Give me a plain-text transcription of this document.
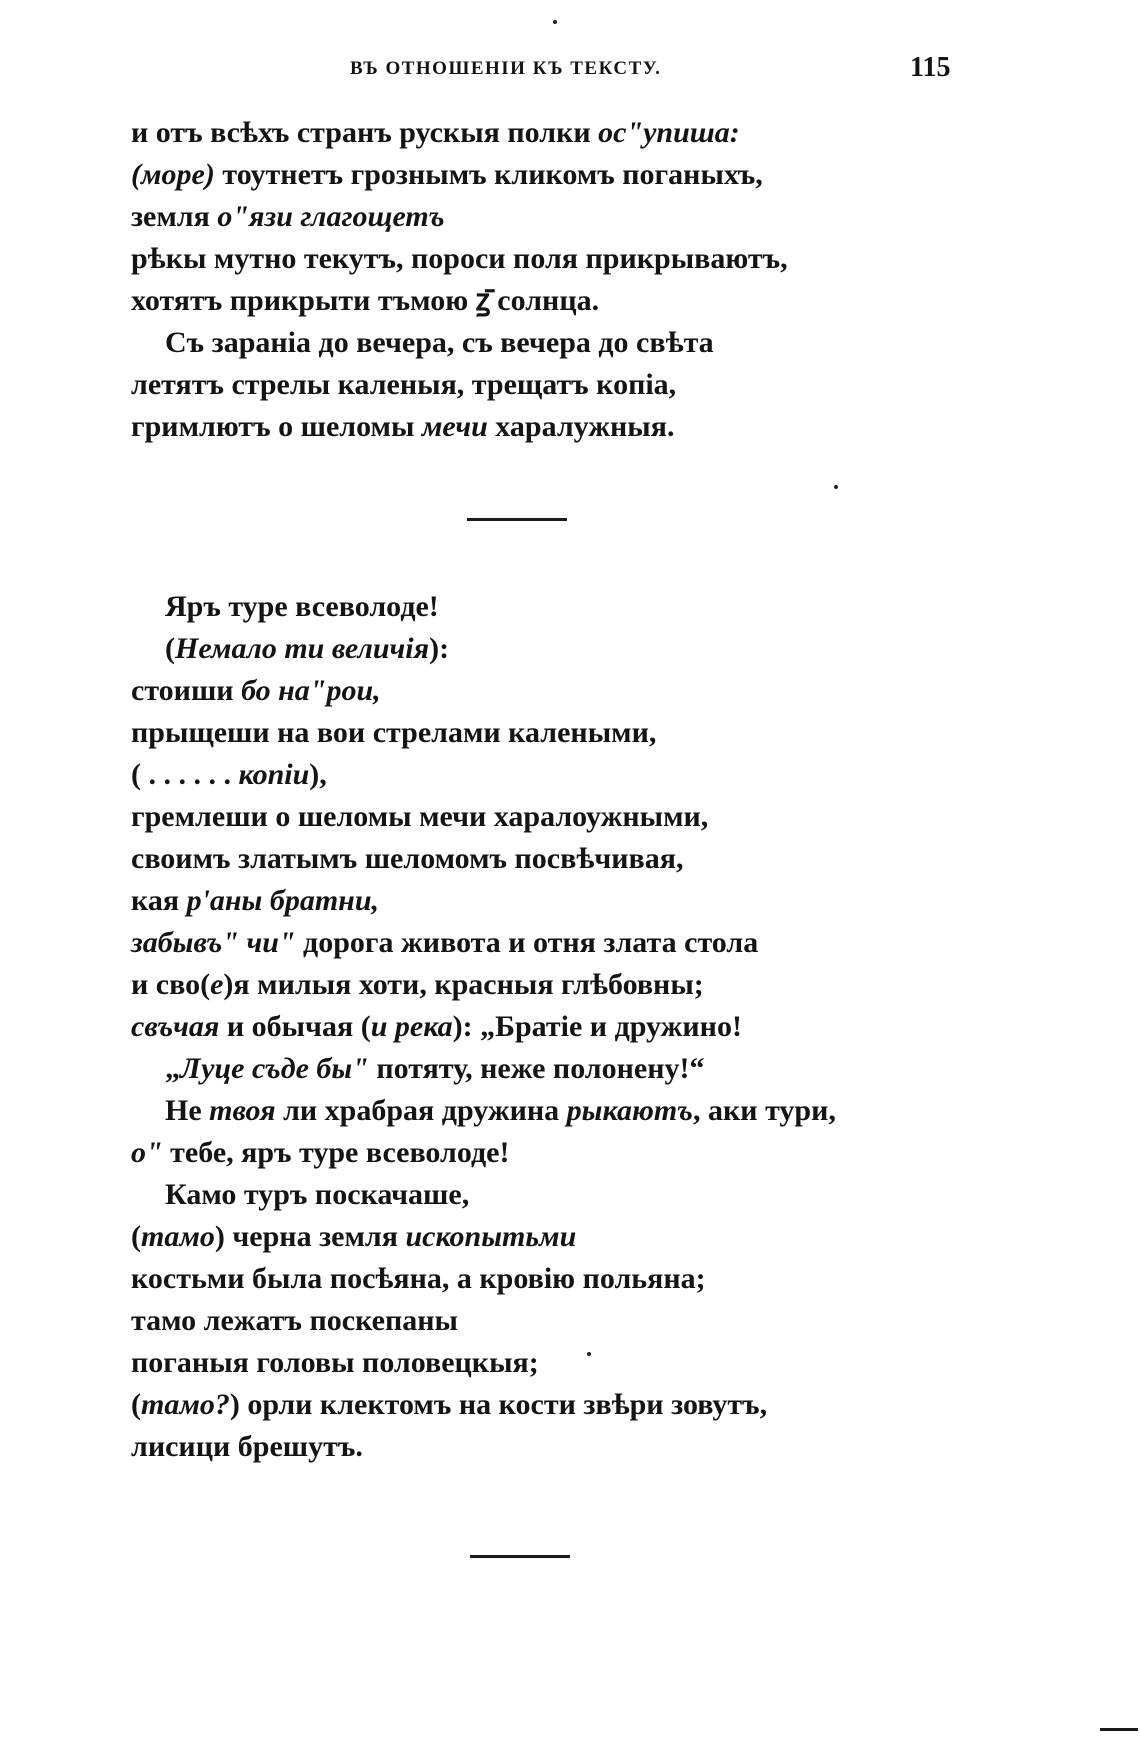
ВЪ ОТНОШЕНІИ КЪ ТЕКСТУ.	115
и отъ всѣхъ странъ рускыя полки ос"упиша:
(море) тоутнетъ грознымъ кликомъ поганыхъ,
земля о"язи глагощетъ
рѣкы мутно текутъ, пороси поля прикрываютъ,
хотятъ прикрыти тъмою ꙁ̄ солнца.
Съ зараніа до вечера, съ вечера до свѣта
летятъ стрелы каленыя, трещатъ копіа,
гримлютъ о шеломы мечи харалужныя.
Яръ туре всеволоде!
(Немало ти величія):
стоиши бо на"рои,
прыщеши на вои стрелами калеными,
( . . . . . . копіи),
гремлеши о шеломы мечи харалоужными,
своимъ златымъ шеломомъ посвѣчивая,
кая р'аны братни,
забывъ" чи" дорога живота и отня злата стола
и сво(е)я милыя хоти, красныя глѣбовны;
свъчая и обычая (и река): „Братіе и дружино!
„Луце съде бы" потяту, неже полонену!“
Не твоя ли храбрая дружина рыкаютъ, аки тури,
о" тебе, яръ туре всеволоде!
Камо туръ поскачаше,
(тамо) черна земля ископытьми
костьми была посѣяна, а кровію польяна;
тамо лежатъ поскепаны
поганыя головы половецкыя;
(тамо?) орли клектомъ на кости звѣри зовутъ,
лисици брешутъ.
